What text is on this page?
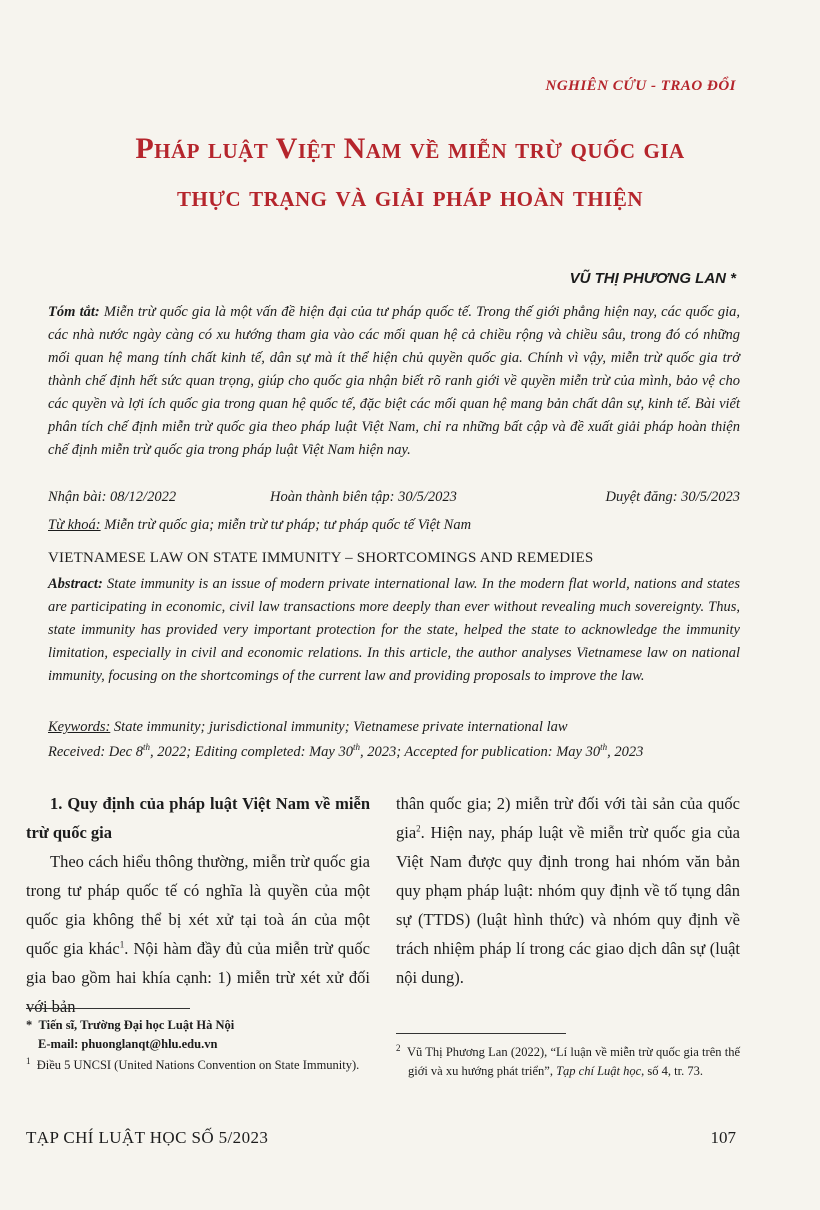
NGHIÊN CỨU - TRAO ĐỔI
Pháp luật Việt Nam về miễn trừ quốc gia
thực trạng và giải pháp hoàn thiện
VŨ THỊ PHƯƠNG LAN *
Tóm tắt: Miễn trừ quốc gia là một vấn đề hiện đại của tư pháp quốc tế. Trong thế giới phẳng hiện nay, các quốc gia, các nhà nước ngày càng có xu hướng tham gia vào các mối quan hệ cả chiều rộng và chiều sâu, trong đó có những mối quan hệ mang tính chất kinh tế, dân sự mà ít thể hiện chủ quyền quốc gia. Chính vì vậy, miễn trừ quốc gia trở thành chế định hết sức quan trọng, giúp cho quốc gia nhận biết rõ ranh giới về quyền miễn trừ của mình, bảo vệ cho các quyền và lợi ích quốc gia trong quan hệ quốc tế, đặc biệt các mối quan hệ mang bản chất dân sự, kinh tế. Bài viết phân tích chế định miễn trừ quốc gia theo pháp luật Việt Nam, chỉ ra những bất cập và đề xuất giải pháp hoàn thiện chế định miễn trừ quốc gia trong pháp luật Việt Nam hiện nay.
Nhận bài: 08/12/2022	Hoàn thành biên tập: 30/5/2023	Duyệt đăng: 30/5/2023
Từ khoá: Miễn trừ quốc gia; miễn trừ tư pháp; tư pháp quốc tế Việt Nam
VIETNAMESE LAW ON STATE IMMUNITY – SHORTCOMINGS AND REMEDIES
Abstract: State immunity is an issue of modern private international law. In the modern flat world, nations and states are participating in economic, civil law transactions more deeply than ever without revealing much sovereignty. Thus, state immunity has provided very important protection for the state, helped the state to acknowledge the immunity limitation, especially in civil and economic relations. In this article, the author analyses Vietnamese law on national immunity, focusing on the shortcomings of the current law and providing proposals to improve the law.
Keywords: State immunity; jurisdictional immunity; Vietnamese private international law
Received: Dec 8th, 2022; Editing completed: May 30th, 2023; Accepted for publication: May 30th, 2023

1. Quy định của pháp luật Việt Nam về miễn trừ quốc gia

Theo cách hiểu thông thường, miễn trừ quốc gia trong tư pháp quốc tế có nghĩa là quyền của một quốc gia không thể bị xét xử tại toà án của một quốc gia khác$^1$. Nội hàm đầy đủ của miễn trừ quốc gia bao gồm hai khía cạnh: 1) miễn trừ xét xử đối với bản

thân quốc gia; 2) miễn trừ đối với tài sản của quốc gia$^2$. Hiện nay, pháp luật về miễn trừ quốc gia của Việt Nam được quy định trong hai nhóm văn bản quy phạm pháp luật: nhóm quy định về tố tụng dân sự (TTDS) (luật hình thức) và nhóm quy định về trách nhiệm pháp lí trong các giao dịch dân sự (luật nội dung).

* Tiến sĩ, Trường Đại học Luật Hà Nội

E-mail: phuonglanqt@hlu.edu.vn

$^1$ Điều 5 UNCSI (United Nations Convention on State Immunity).

$^2$ Vũ Thị Phương Lan (2022), “Lí luận về miễn trừ quốc gia trên thế giới và xu hướng phát triển”, Tạp chí Luật học, số 4, tr. 73.

TẠP CHÍ LUẬT HỌC SỐ 5/2023	107
